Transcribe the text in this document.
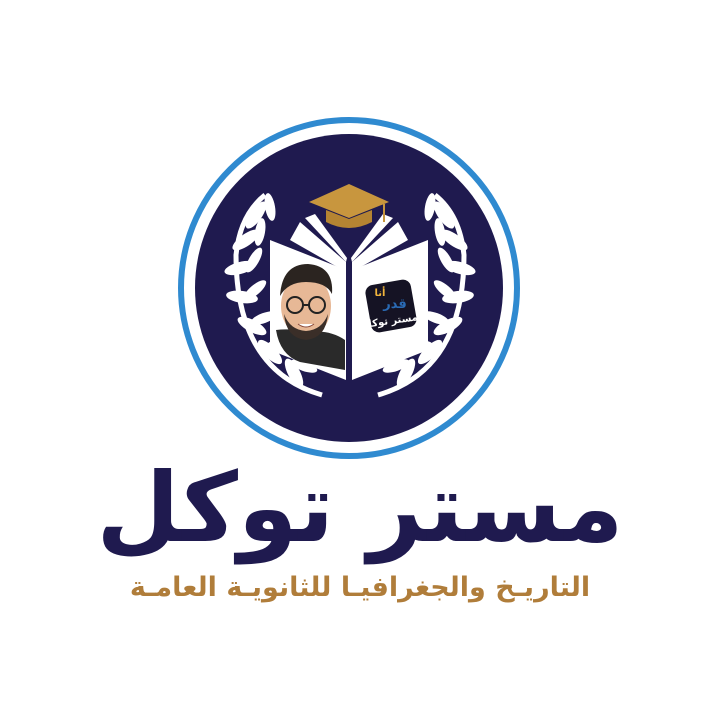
أنا
قدر
مستر توكل
مستر توكل
التاريـخ والجغرافيـا للثانويـة العامـة
